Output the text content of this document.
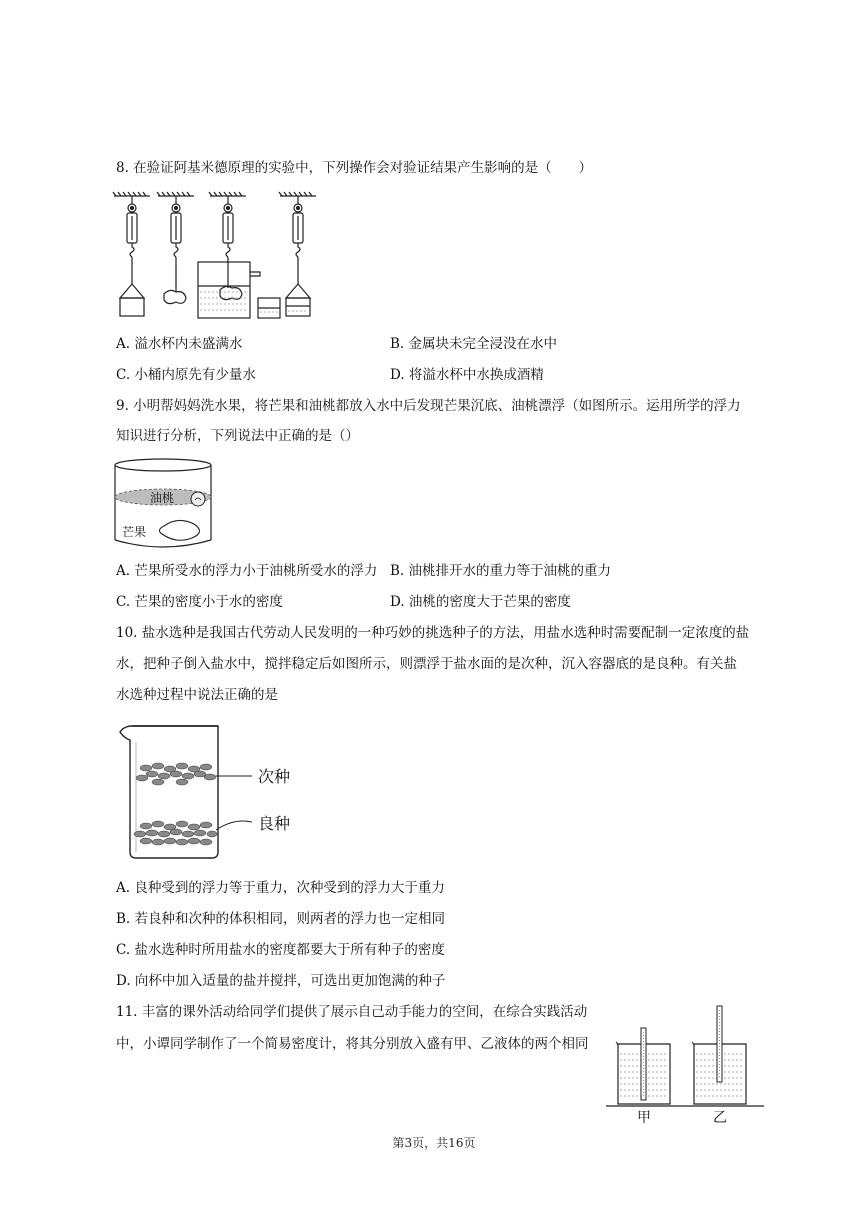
8. 在验证阿基米德原理的实验中，下列操作会对验证结果产生影响的是（　　）
A. 溢水杯内未盛满水	B. 金属块未完全浸没在水中
C. 小桶内原先有少量水	D. 将溢水杯中水换成酒精
9. 小明帮妈妈洗水果，将芒果和油桃都放入水中后发现芒果沉底、油桃漂浮（如图所示。运用所学的浮力
知识进行分析，下列说法中正确的是（）
油桃
芒果
A. 芒果所受水的浮力小于油桃所受水的浮力 B. 油桃排开水的重力等于油桃的重力
C. 芒果的密度小于水的密度	D. 油桃的密度大于芒果的密度
10. 盐水选种是我国古代劳动人民发明的一种巧妙的挑选种子的方法，用盐水选种时需要配制一定浓度的盐
水，把种子倒入盐水中，搅拌稳定后如图所示，则漂浮于盐水面的是次种，沉入容器底的是良种。有关盐
水选种过程中说法正确的是
次种
良种
A. 良种受到的浮力等于重力，次种受到的浮力大于重力
B. 若良种和次种的体积相同，则两者的浮力也一定相同
C. 盐水选种时所用盐水的密度都要大于所有种子的密度
D. 向杯中加入适量的盐并搅拌，可选出更加饱满的种子
11. 丰富的课外活动给同学们提供了展示自己动手能力的空间，在综合实践活动
中，小谭同学制作了一个简易密度计，将其分别放入盛有甲、乙液体的两个相同
甲	乙
第3页，共16页
